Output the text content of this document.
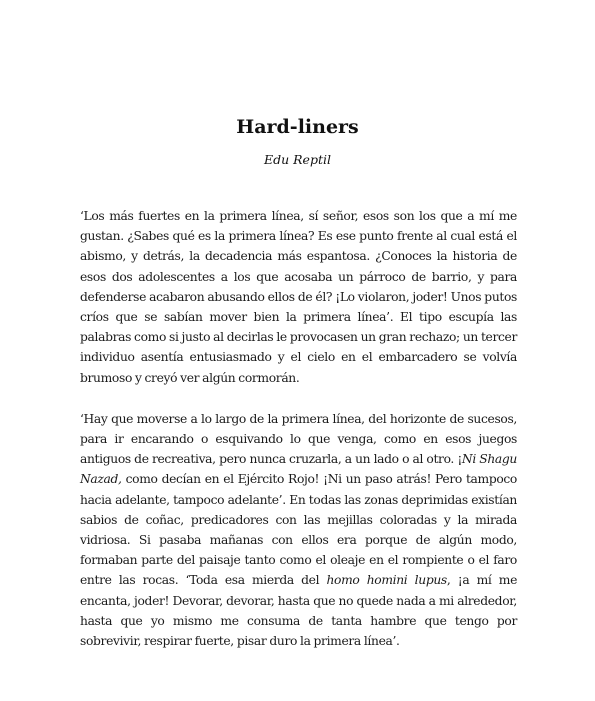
Hard-liners
Edu Reptil

‘Los más fuertes en la primera línea, sí señor, esos son los que a mí me gustan. ¿Sabes qué es la primera línea? Es ese punto frente al cual está el abismo, y detrás, la decadencia más espantosa. ¿Conoces la historia de esos dos adolescentes a los que acosaba un párroco de barrio, y para defenderse acabaron abusando ellos de él? ¡Lo violaron, joder! Unos putos críos que se sabían mover bien la primera línea’. El tipo escupía las palabras como si justo al decirlas le provocasen un gran rechazo; un tercer individuo asentía entusiasmado y el cielo en el embarcadero se volvía brumoso y creyó ver algún cormorán.

‘Hay que moverse a lo largo de la primera línea, del horizonte de sucesos, para ir encarando o esquivando lo que venga, como en esos juegos antiguos de recreativa, pero nunca cruzarla, a un lado o al otro. ¡Ni Shagu Nazad, como decían en el Ejército Rojo! ¡Ni un paso atrás! Pero tampoco hacia adelante, tampoco adelante’. En todas las zonas deprimidas existían sabios de coñac, predicadores con las mejillas coloradas y la mirada vidriosa. Si pasaba mañanas con ellos era porque de algún modo, formaban parte del paisaje tanto como el oleaje en el rompiente o el faro entre las rocas. ‘Toda esa mierda del homo homini lupus, ¡a mí me encanta, joder! Devorar, devorar, hasta que no quede nada a mi alrededor, hasta que yo mismo me consuma de tanta hambre que tengo por sobrevivir, respirar fuerte, pisar duro la primera línea’.
